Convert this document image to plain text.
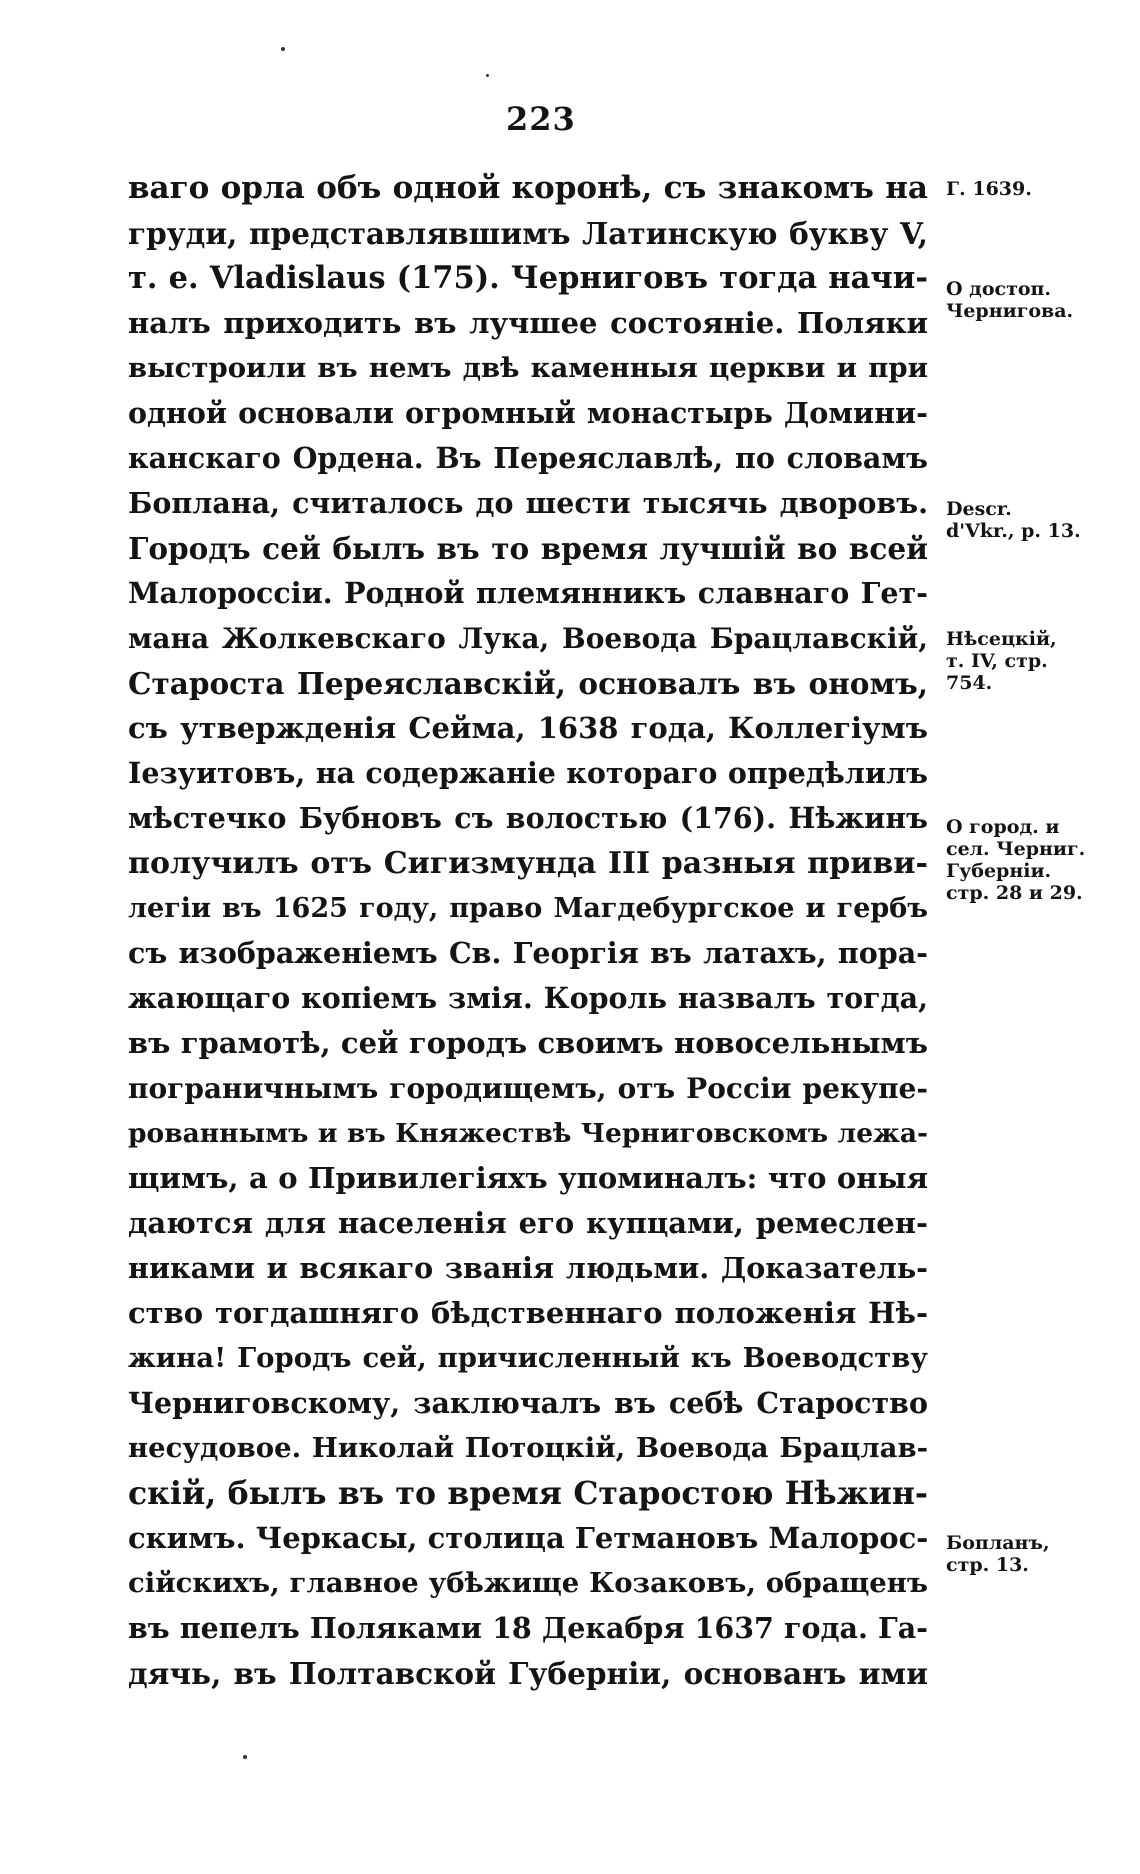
223
ваго орла объ одной коронѣ, съ знакомъ на
груди, представлявшимъ Латинскую букву V,
т. е. Vladislaus (175). Черниговъ тогда начи-
налъ приходить въ лучшее состояніе. Поляки
выстроили въ немъ двѣ каменныя церкви и при
одной основали огромный монастырь Домини-
канскаго Ордена. Въ Переяславлѣ, по словамъ
Боплана, считалось до шести тысячь дворовъ.
Городъ сей былъ въ то время лучшій во всей
Малороссіи. Родной племянникъ славнаго Гет-
мана Жолкевскаго Лука, Воевода Брацлавскій,
Староста Переяславскій, основалъ въ ономъ,
съ утвержденія Сейма, 1638 года, Коллегіумъ
Іезуитовъ, на содержаніе котораго опредѣлилъ
мѣстечко Бубновъ съ волостью (176). Нѣжинъ
получилъ отъ Сигизмунда III разныя приви-
легіи въ 1625 году, право Магдебургское и гербъ
съ изображеніемъ Св. Георгія въ латахъ, пора-
жающаго копіемъ змія. Король назвалъ тогда,
въ грамотѣ, сей городъ своимъ новосельнымъ
пограничнымъ городищемъ, отъ Россіи рекупе-
рованнымъ и въ Княжествѣ Черниговскомъ лежа-
щимъ, а о Привилегіяхъ упоминалъ: что оныя
даются для населенія его купцами, ремеслен-
никами и всякаго званія людьми. Доказатель-
ство тогдашняго бѣдственнаго положенія Нѣ-
жина! Городъ сей, причисленный къ Воеводству
Черниговскому, заключалъ въ себѣ Староство
несудовое. Николай Потоцкій, Воевода Брацлав-
скій, былъ въ то время Старостою Нѣжин-
скимъ. Черкасы, столица Гетмановъ Малорос-
сійскихъ, главное убѣжище Козаковъ, обращенъ
въ пепелъ Поляками 18 Декабря 1637 года. Га-
дячь, въ Полтавской Губерніи, основанъ ими
Г. 1639.
О достоп.
Чернигова.
Descr.
d'Vkr., p. 13.
Нѣсецкій,
т. IV, стр.
754.
О город. и
сел. Черниг.
Губерніи.
стр. 28 и 29.
Бопланъ,
стр. 13.
